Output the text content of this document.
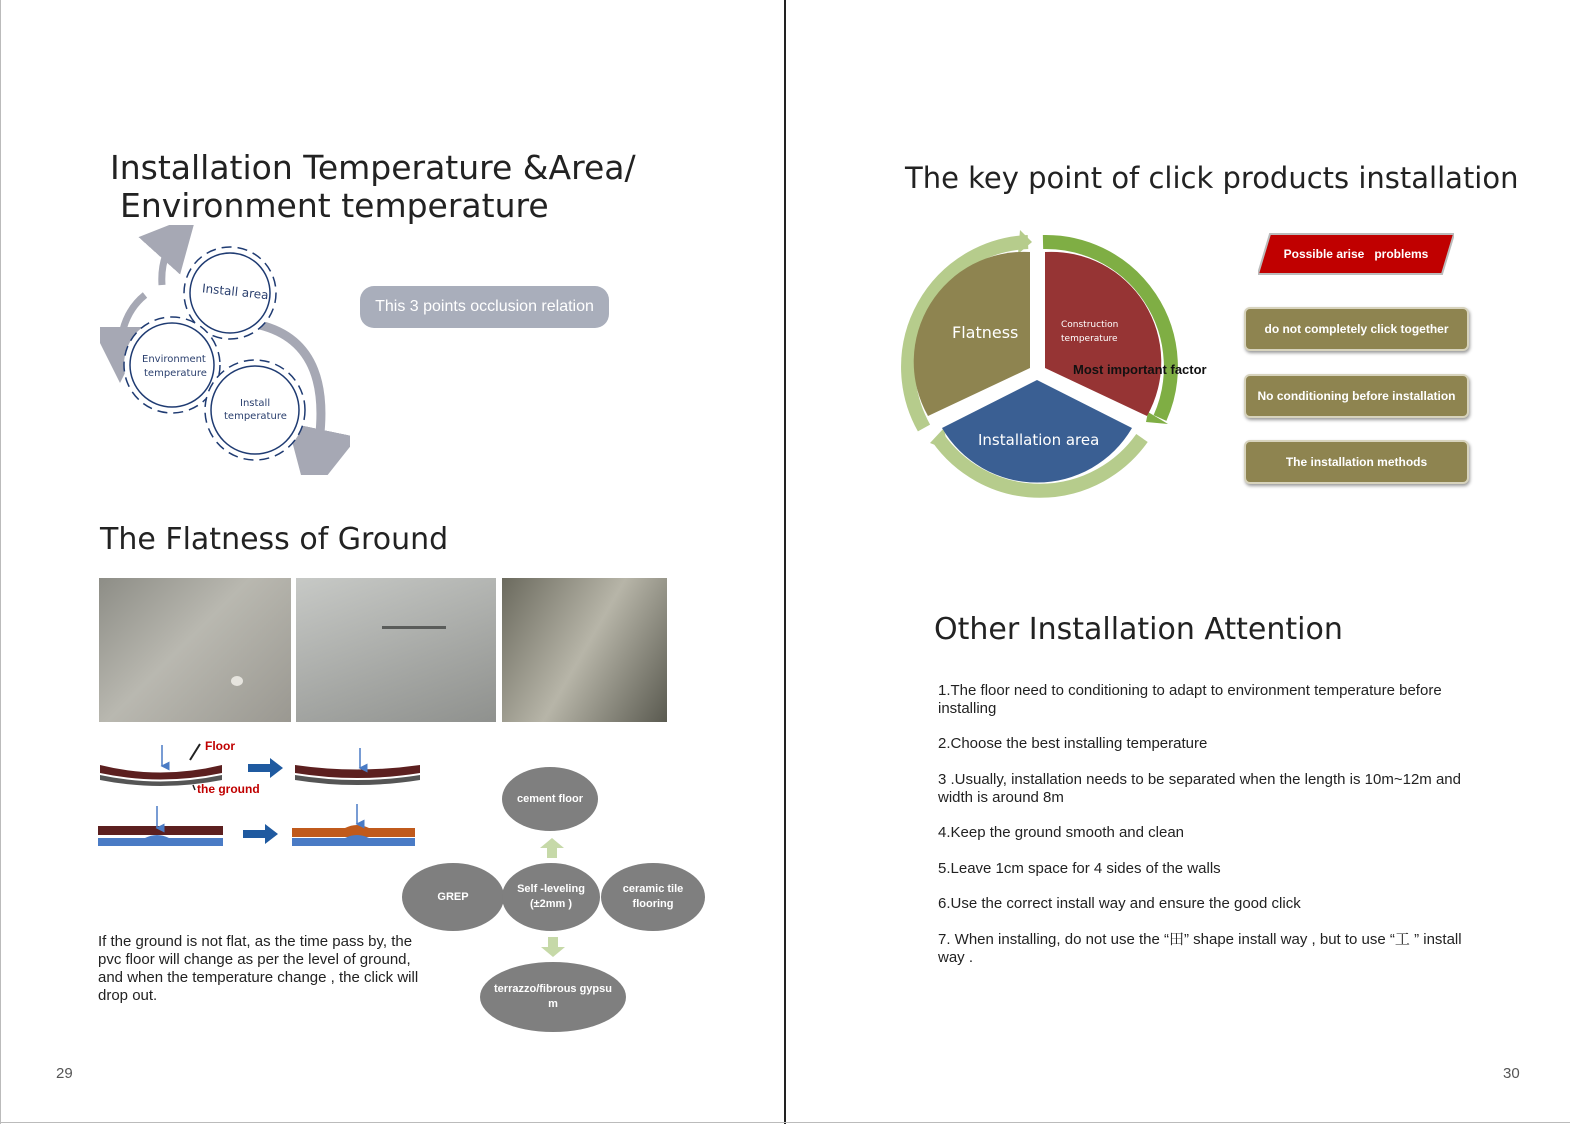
Installation Temperature &Area/
Environment temperature
Install area
Environment
temperature
Install
temperature
This 3 points occlusion relation
The Flatness of Ground
Floor
the ground
cement floor
GREP
Self -leveling
(±2mm )
ceramic tile
flooring
terrazzo/fibrous gypsu
m
If the ground is not flat, as the time pass by, the pvc floor will change as per the level of ground, and when the temperature change , the click will drop out.
29
The key point of click products installation
Flatness	Construction
temperature
Installation area
Most important factor
Possible arise   problems
do not completely click together
No conditioning before installation
The installation methods
Other Installation Attention
1.The floor need to conditioning to adapt to environment temperature before installing
2.Choose the best installing temperature
3 .Usually, installation needs to be separated when the length is 10m~12m and width is around 8m
4.Keep the ground smooth and clean
5.Leave 1cm space for 4 sides of the walls
6.Use the correct install way and ensure the good click
7. When installing, do not use the “田” shape install way , but to use “工 ” install way .
30
